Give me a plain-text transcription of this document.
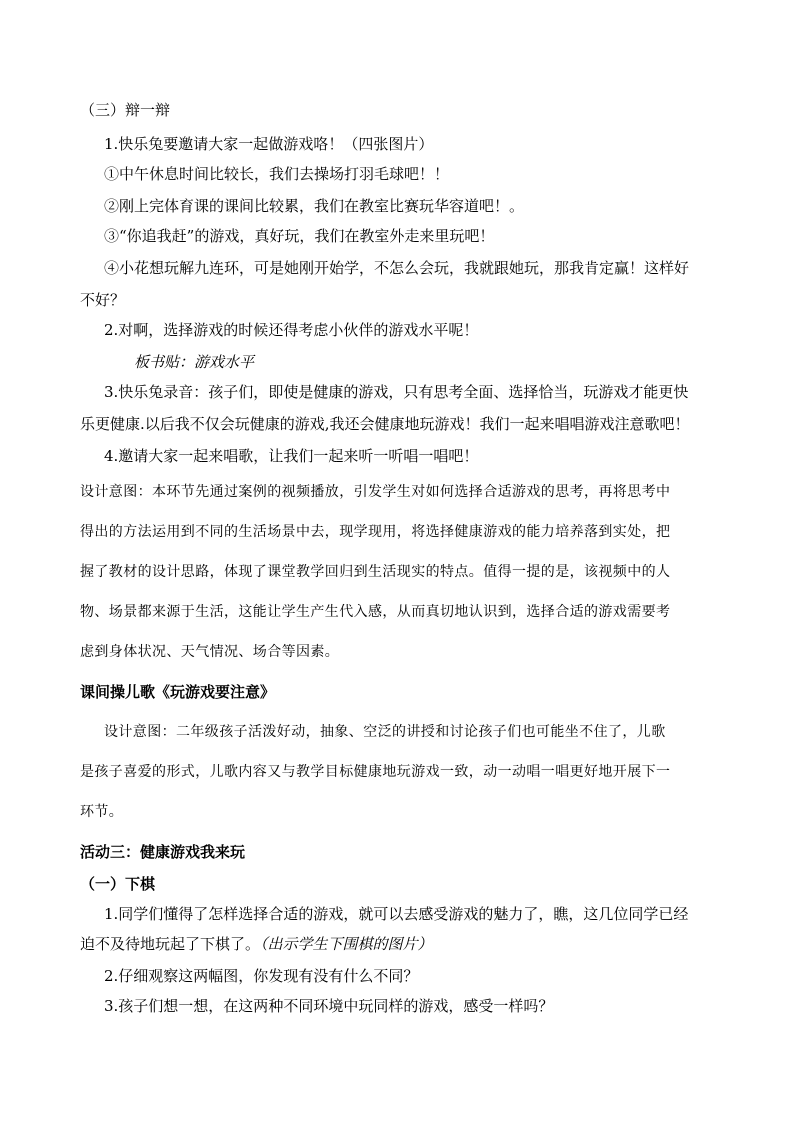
（三）辩一辩
1.快乐兔要邀请大家一起做游戏咯！（四张图片）
①中午休息时间比较长，我们去操场打羽毛球吧！！
②刚上完体育课的课间比较累，我们在教室比赛玩华容道吧！。
③“你追我赶”的游戏，真好玩，我们在教室外走来里玩吧！
④小花想玩解九连环，可是她刚开始学，不怎么会玩，我就跟她玩，那我肯定赢！这样好
不好？
2.对啊，选择游戏的时候还得考虑小伙伴的游戏水平呢！
板书贴：游戏水平
3.快乐兔录音：孩子们，即使是健康的游戏，只有思考全面、选择恰当，玩游戏才能更快
乐更健康.以后我不仅会玩健康的游戏,我还会健康地玩游戏！我们一起来唱唱游戏注意歌吧！
4.邀请大家一起来唱歌，让我们一起来听一听唱一唱吧！
设计意图：本环节先通过案例的视频播放，引发学生对如何选择合适游戏的思考，再将思考中
得出的方法运用到不同的生活场景中去，现学现用，将选择健康游戏的能力培养落到实处，把
握了教材的设计思路，体现了课堂教学回归到生活现实的特点。值得一提的是，该视频中的人
物、场景都来源于生活，这能让学生产生代入感，从而真切地认识到，选择合适的游戏需要考
虑到身体状况、天气情况、场合等因素。
课间操儿歌《玩游戏要注意》
设计意图：二年级孩子活泼好动，抽象、空泛的讲授和讨论孩子们也可能坐不住了，儿歌
是孩子喜爱的形式，儿歌内容又与教学目标健康地玩游戏一致，动一动唱一唱更好地开展下一
环节。
活动三：健康游戏我来玩
（一）下棋
1.同学们懂得了怎样选择合适的游戏，就可以去感受游戏的魅力了，瞧，这几位同学已经
迫不及待地玩起了下棋了。（出示学生下围棋的图片）
2.仔细观察这两幅图，你发现有没有什么不同？
3.孩子们想一想，在这两种不同环境中玩同样的游戏，感受一样吗？
